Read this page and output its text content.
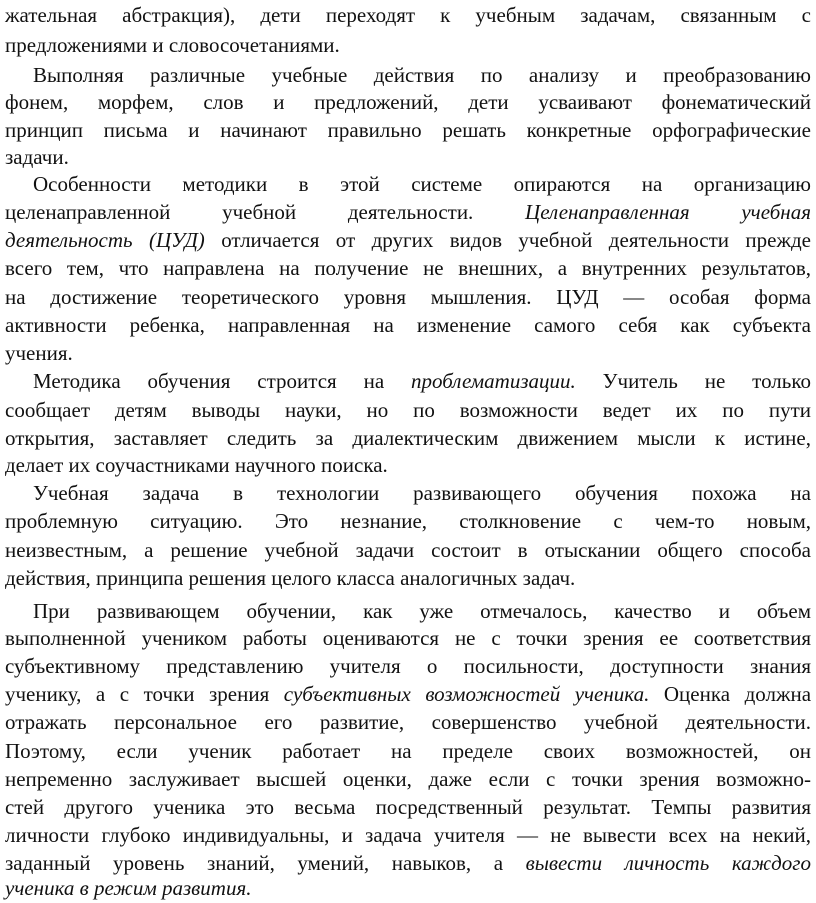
жательная абстракция), дети переходят к учебным задачам, связанным с
предложениями и словосочетаниями.
Выполняя различные учебные действия по анализу и преобразованию
фонем, морфем, слов и предложений, дети усваивают фонематический
принцип письма и начинают правильно решать конкретные орфографические
задачи.
Особенности методики в этой системе опираются на организацию
целенаправленной учебной деятельности. Целенаправленная учебная
деятельность (ЦУД) отличается от других видов учебной деятельности прежде
всего тем, что направлена на получение не внешних, а внутренних результатов,
на достижение теоретического уровня мышления. ЦУД — особая форма
активности ребенка, направленная на изменение самого себя как субъекта
учения.
Методика обучения строится на проблематизации. Учитель не только
сообщает детям выводы науки, но по возможности ведет их по пути
открытия, заставляет следить за диалектическим движением мысли к истине,
делает их соучастниками научного поиска.
Учебная задача в технологии развивающего обучения похожа на
проблемную ситуацию. Это незнание, столкновение с чем-то новым,
неизвестным, а решение учебной задачи состоит в отыскании общего способа
действия, принципа решения целого класса аналогичных задач.
При развивающем обучении, как уже отмечалось, качество и объем
выполненной учеником работы оцениваются не с точки зрения ее соответствия
субъективному представлению учителя о посильности, доступности знания
ученику, а с точки зрения субъективных возможностей ученика. Оценка должна
отражать персональное его развитие, совершенство учебной деятельности.
Поэтому, если ученик работает на пределе своих возможностей, он
непременно заслуживает высшей оценки, даже если с точки зрения возможно-
стей другого ученика это весьма посредственный результат. Темпы развития
личности глубоко индивидуальны, и задача учителя — не вывести всех на некий,
заданный уровень знаний, умений, навыков, а вывести личность каждого
ученика в режим развития.
